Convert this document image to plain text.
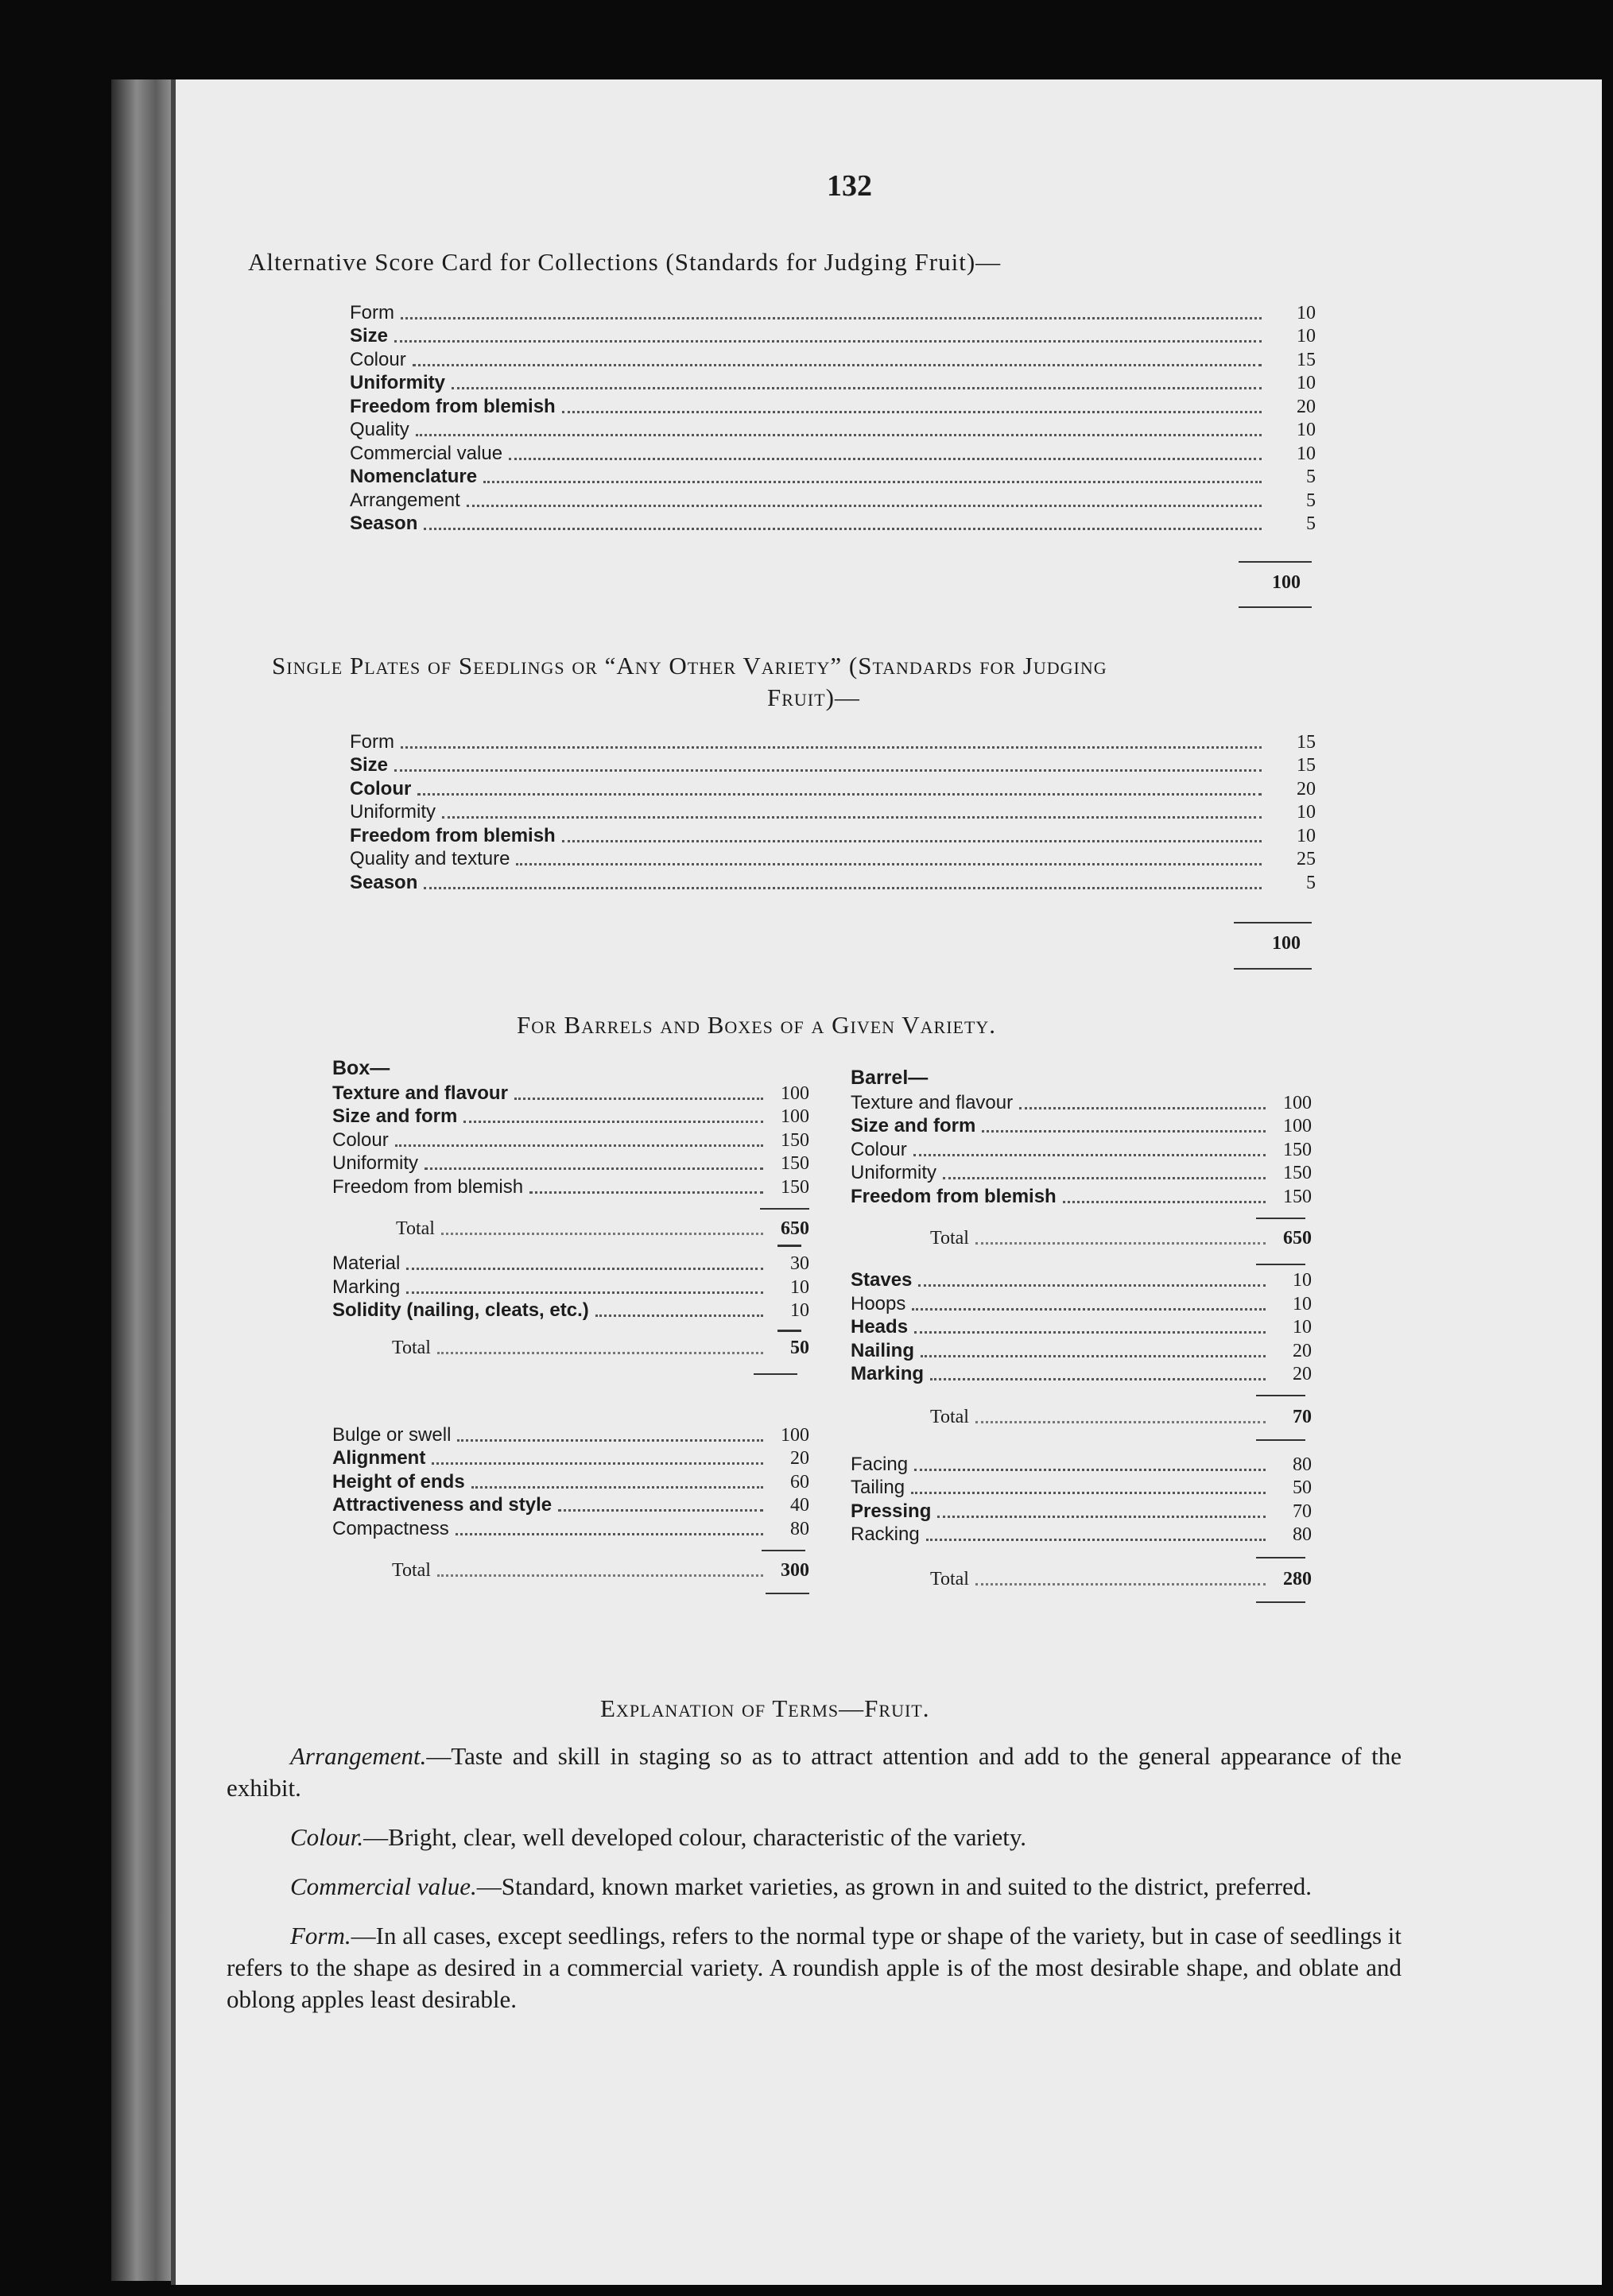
132
Alternative Score Card for Collections (Standards for Judging Fruit)—
Form	10
Size	10
Colour	15
Uniformity	10
Freedom from blemish	20
Quality	10
Commercial value	10
Nomenclature	5
Arrangement	5
Season	5
100
Single Plates of Seedlings or “Any Other Variety” (Standards for Judging
Fruit)—
Form	15
Size	15
Colour	20
Uniformity	10
Freedom from blemish	10
Quality and texture	25
Season	5
100
For Barrels and Boxes of a Given Variety.
Box—
Texture and flavour	100
Size and form	100
Colour	150
Uniformity	150
Freedom from blemish	150
Total	650
Material	30
Marking	10
Solidity (nailing, cleats, etc.)	10
Total	50
Bulge or swell	100
Alignment	20
Height of ends	60
Attractiveness and style	40
Compactness	80
Total	300
Barrel—
Texture and flavour	100
Size and form	100
Colour	150
Uniformity	150
Freedom from blemish	150
Total	650
Staves	10
Hoops	10
Heads	10
Nailing	20
Marking	20
Total	70
Facing	80
Tailing	50
Pressing	70
Racking	80
Total	280
Explanation of Terms—Fruit.

Arrangement.—Taste and skill in staging so as to attract attention and add to the general appearance of the exhibit.

Colour.—Bright, clear, well developed colour, characteristic of the variety.

Commercial value.—Standard, known market varieties, as grown in and suited to the district, preferred.

Form.—In all cases, except seedlings, refers to the normal type or shape of the variety, but in case of seedlings it refers to the shape as desired in a commercial variety. A roundish apple is of the most desirable shape, and oblate and oblong apples least desirable.
